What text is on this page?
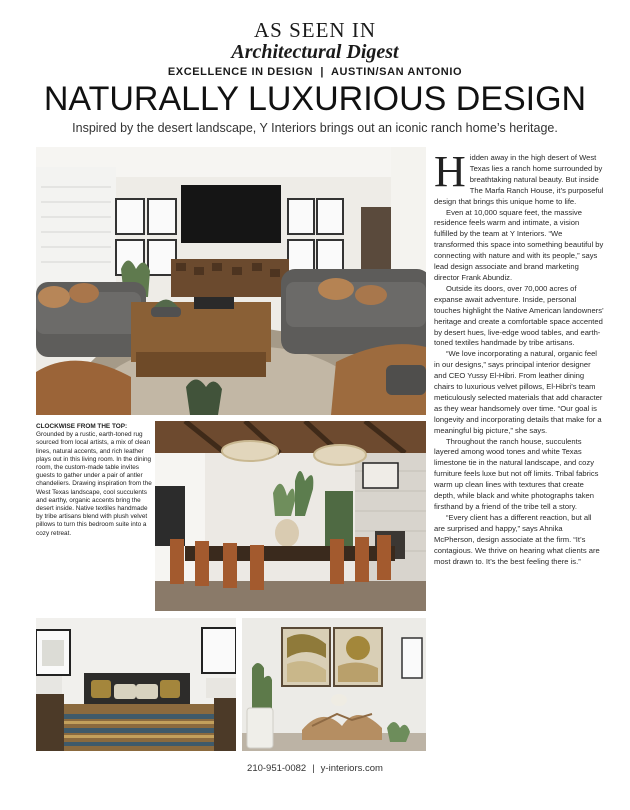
AS SEEN IN
Architectural Digest
EXCELLENCE IN DESIGN  |  AUSTIN/SAN ANTONIO
NATURALLY LUXURIOUS DESIGN
Inspired by the desert landscape, Y Interiors brings out an iconic ranch home’s heritage.
CLOCKWISE FROM THE TOP: Grounded by a rustic, earth-toned rug sourced from local artists, a mix of clean lines, natural accents, and rich leather plays out in this living room. In the dining room, the custom-made table invites guests to gather under a pair of antler chandeliers. Drawing inspiration from the West Texas landscape, cool succulents and earthy, organic accents bring the desert inside. Native textiles handmade by tribe artisans blend with plush velvet pillows to turn this bedroom suite into a cozy retreat.

Hidden away in the high desert of West Texas lies a ranch home surrounded by breathtaking natural beauty. But inside The Marfa Ranch House, it’s purposeful design that brings this unique home to life.

Even at 10,000 square feet, the massive residence feels warm and intimate, a vision fulfilled by the team at Y Interiors. “We transformed this space into something beautiful by connecting with nature and with its people,” says lead design associate and brand marketing director Frank Abundiz.

Outside its doors, over 70,000 acres of expanse await adventure. Inside, personal touches highlight the Native American landowners’ heritage and create a comfortable space accented by desert hues, live-edge wood tables, and earth-toned textiles handmade by tribe artisans.

“We love incorporating a natural, organic feel in our designs,” says principal interior designer and CEO Yussy El-Hibri. From leather dining chairs to luxurious velvet pillows, El-Hibri’s team meticulously selected materials that add character as they wear handsomely over time. “Our goal is longevity and incorporating details that make for a meaningful big picture,” she says.

Throughout the ranch house, succulents layered among wood tones and white Texas limestone tie in the natural landscape, and cozy furniture feels luxe but not off limits. Tribal fabrics warm up clean lines with textures that create depth, while black and white photographs taken firsthand by a friend of the tribe tell a story.

“Every client has a different reaction, but all are surprised and happy,” says Ahnika McPherson, design associate at the firm. “It’s contagious. We thrive on hearing what clients are most drawn to. It’s the best feeling there is.”

210-951-0082 | y-interiors.com
